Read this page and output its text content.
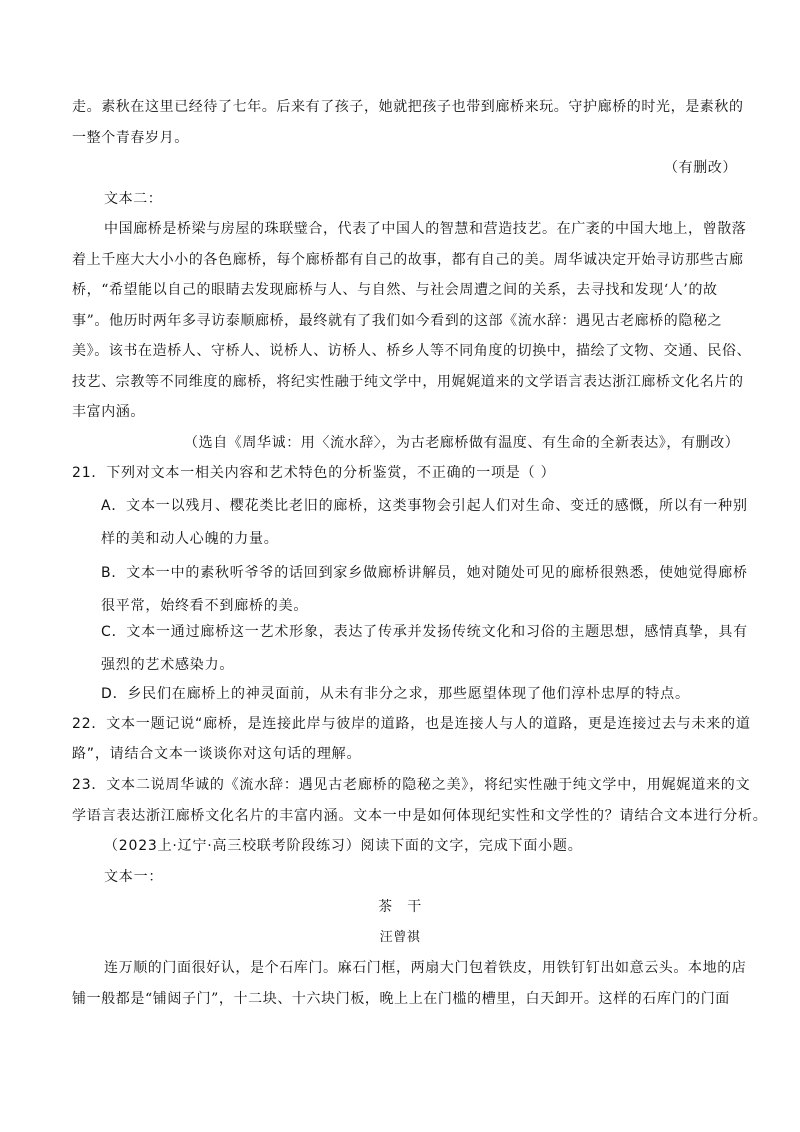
走。素秋在这里已经待了七年。后来有了孩子，她就把孩子也带到廊桥来玩。守护廊桥的时光，是素秋的
一整个青春岁月。
（有删改）
文本二：
中国廊桥是桥梁与房屋的珠联璧合，代表了中国人的智慧和营造技艺。在广袤的中国大地上，曾散落
着上千座大大小小的各色廊桥，每个廊桥都有自己的故事，都有自己的美。周华诚决定开始寻访那些古廊
桥，“希望能以自己的眼睛去发现廊桥与人、与自然、与社会周遭之间的关系，去寻找和发现‘人’的故
事”。他历时两年多寻访泰顺廊桥，最终就有了我们如今看到的这部《流水辞：遇见古老廊桥的隐秘之
美》。该书在造桥人、守桥人、说桥人、访桥人、桥乡人等不同角度的切换中，描绘了文物、交通、民俗、
技艺、宗教等不同维度的廊桥，将纪实性融于纯文学中，用娓娓道来的文学语言表达浙江廊桥文化名片的
丰富内涵。
（选自《周华诚：用〈流水辞〉，为古老廊桥做有温度、有生命的全新表达》，有删改）
21．下列对文本一相关内容和艺术特色的分析鉴赏，不正确的一项是（ ）
A．文本一以残月、樱花类比老旧的廊桥，这类事物会引起人们对生命、变迁的感慨，所以有一种别
样的美和动人心魄的力量。
B．文本一中的素秋听爷爷的话回到家乡做廊桥讲解员，她对随处可见的廊桥很熟悉，使她觉得廊桥
很平常，始终看不到廊桥的美。
C．文本一通过廊桥这一艺术形象，表达了传承并发扬传统文化和习俗的主题思想，感情真挚，具有
强烈的艺术感染力。
D．乡民们在廊桥上的神灵面前，从未有非分之求，那些愿望体现了他们淳朴忠厚的特点。
22．文本一题记说“廊桥，是连接此岸与彼岸的道路，也是连接人与人的道路，更是连接过去与未来的道
路”，请结合文本一谈谈你对这句话的理解。
23．文本二说周华诚的《流水辞：遇见古老廊桥的隐秘之美》，将纪实性融于纯文学中，用娓娓道来的文
学语言表达浙江廊桥文化名片的丰富内涵。文本一中是如何体现纪实性和文学性的？请结合文本进行分析。
（2023上·辽宁·高三校联考阶段练习）阅读下面的文字，完成下面小题。
文本一：
茶　干
汪曾祺
连万顺的门面很好认，是个石库门。麻石门框，两扇大门包着铁皮，用铁钉钉出如意云头。本地的店
铺一般都是“铺闼子门”，十二块、十六块门板，晚上上在门槛的槽里，白天卸开。这样的石库门的门面
